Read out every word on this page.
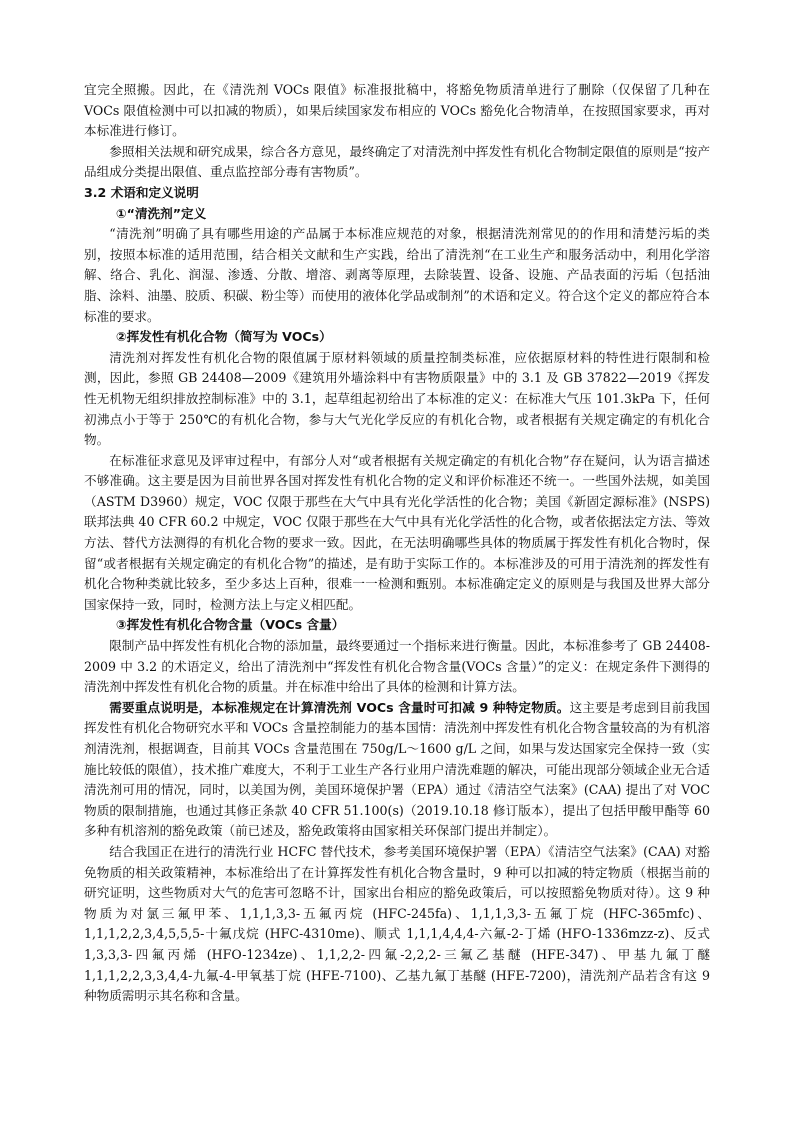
宜完全照搬。因此，在《清洗剂 VOCs 限值》标准报批稿中，将豁免物质清单进行了删除（仅保留了几种在 VOCs 限值检测中可以扣减的物质），如果后续国家发布相应的 VOCs 豁免化合物清单，在按照国家要求，再对本标准进行修订。

参照相关法规和研究成果，综合各方意见，最终确定了对清洗剂中挥发性有机化合物制定限值的原则是“按产品组成分类提出限值、重点监控部分毒有害物质”。

3.2 术语和定义说明
①“清洗剂”定义

“清洗剂”明确了具有哪些用途的产品属于本标准应规范的对象，根据清洗剂常见的的作用和清楚污垢的类别，按照本标准的适用范围，结合相关文献和生产实践，给出了清洗剂“在工业生产和服务活动中，利用化学溶解、络合、乳化、润湿、渗透、分散、增溶、剥离等原理，去除装置、设备、设施、产品表面的污垢（包括油脂、涂料、油墨、胶质、积碳、粉尘等）而使用的液体化学品或制剂”的术语和定义。符合这个定义的都应符合本标准的要求。

②挥发性有机化合物（简写为 VOCs）

清洗剂对挥发性有机化合物的限值属于原材料领域的质量控制类标准，应依据原材料的特性进行限制和检测，因此，参照 GB 24408—2009《建筑用外墙涂料中有害物质限量》中的 3.1 及 GB 37822—2019《挥发性无机物无组织排放控制标准》中的 3.1，起草组起初给出了本标准的定义：在标准大气压 101.3kPa 下，任何初沸点小于等于 250℃的有机化合物，参与大气光化学反应的有机化合物，或者根据有关规定确定的有机化合物。

在标准征求意见及评审过程中，有部分人对“或者根据有关规定确定的有机化合物”存在疑问，认为语言描述不够准确。这主要是因为目前世界各国对挥发性有机化合物的定义和评价标准还不统一。一些国外法规，如美国（ASTM D3960）规定，VOC 仅限于那些在大气中具有光化学活性的化合物；美国《新固定源标准》(NSPS) 联邦法典 40 CFR 60.2 中规定，VOC 仅限于那些在大气中具有光化学活性的化合物，或者依据法定方法、等效方法、替代方法测得的有机化合物的要求一致。因此，在无法明确哪些具体的物质属于挥发性有机化合物时，保留“或者根据有关规定确定的有机化合物”的描述，是有助于实际工作的。本标准涉及的可用于清洗剂的挥发性有机化合物种类就比较多，至少多达上百种，很难一一检测和甄别。本标准确定定义的原则是与我国及世界大部分国家保持一致，同时，检测方法上与定义相匹配。

③挥发性有机化合物含量（VOCs 含量）

限制产品中挥发性有机化合物的添加量，最终要通过一个指标来进行衡量。因此，本标准参考了 GB 24408-2009 中 3.2 的术语定义，给出了清洗剂中“挥发性有机化合物含量(VOCs 含量）”的定义：在规定条件下测得的清洗剂中挥发性有机化合物的质量。并在标准中给出了具体的检测和计算方法。

需要重点说明是，本标准规定在计算清洗剂 VOCs 含量时可扣减 9 种特定物质。这主要是考虑到目前我国挥发性有机化合物研究水平和 VOCs 含量控制能力的基本国情：清洗剂中挥发性有机化合物含量较高的为有机溶剂清洗剂，根据调查，目前其 VOCs 含量范围在 750g/L～1600 g/L 之间，如果与发达国家完全保持一致（实施比较低的限值），技术推广难度大，不利于工业生产各行业用户清洗难题的解决，可能出现部分领域企业无合适清洗剂可用的情况，同时，以美国为例，美国环境保护署（EPA）通过《清洁空气法案》(CAA) 提出了对 VOC 物质的限制措施，也通过其修正条款 40 CFR 51.100(s)（2019.10.18 修订版本），提出了包括甲酸甲酯等 60 多种有机溶剂的豁免政策（前已述及，豁免政策将由国家相关环保部门提出并制定）。

结合我国正在进行的清洗行业 HCFC 替代技术，参考美国环境保护署（EPA）《清洁空气法案》(CAA) 对豁免物质的相关政策精神，本标准给出了在计算挥发性有机化合物含量时，9 种可以扣减的特定物质（根据当前的研究证明，这些物质对大气的危害可忽略不计，国家出台相应的豁免政策后，可以按照豁免物质对待）。这 9 种物质为对氯三氟甲苯、1,1,1,3,3-五氟丙烷 (HFC-245fa)、1,1,1,3,3-五氟丁烷 (HFC-365mfc)、1,1,1,2,2,3,4,5,5,5-十氟戊烷 (HFC-4310me)、顺式 1,1,1,4,4,4-六氟-2-丁烯 (HFO-1336mzz-z)、反式 1,3,3,3-四氟丙烯 (HFO-1234ze)、1,1,2,2-四氟-2,2,2-三氟乙基醚 (HFE-347)、甲基九氟丁醚 1,1,1,2,2,3,3,4,4-九氟-4-甲氧基丁烷 (HFE-7100)、乙基九氟丁基醚 (HFE-7200)，清洗剂产品若含有这 9 种物质需明示其名称和含量。
